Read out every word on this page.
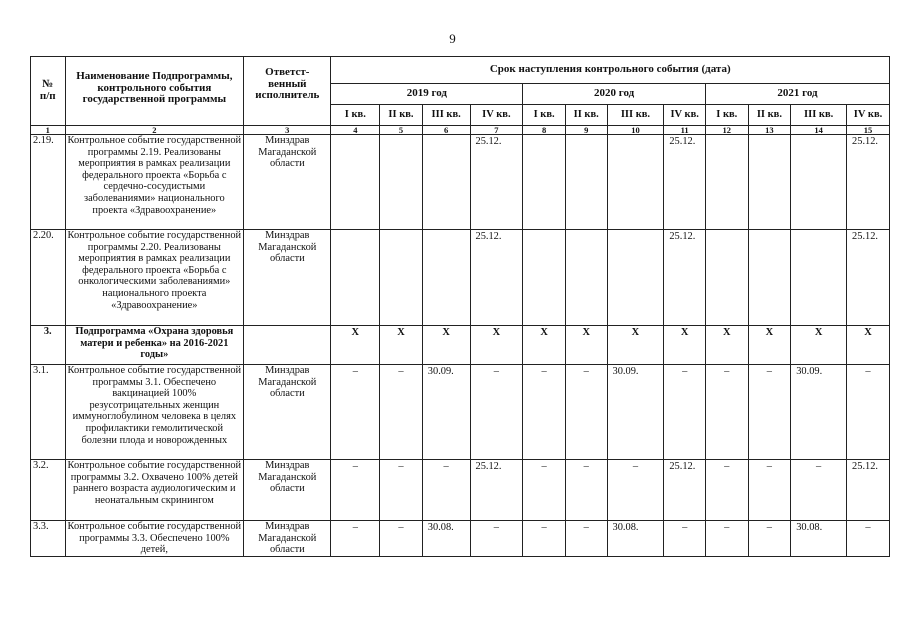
9
№
п/п	Наименование Подпрограммы, контрольного события государственной программы	Ответст-
венный
исполнитель	Срок наступления контрольного события (дата)											
			2019 год				2020 год				2021 год			
			I кв.	II кв.	III кв.	IV кв.	I кв.	II кв.	III кв.	IV кв.	I кв.	II кв.	III кв.	IV кв.
1	2	3	4	5	6	7	8	9	10	11	12	13	14	15
2.19.	Контрольное событие государственной программы 2.19. Реализованы мероприятия в рамках реализации федерального проекта «Борьба с сердечно-сосудистыми заболеваниями» национального проекта «Здравоохранение»	Минздрав Магаданской области				25.12.				25.12.				25.12.
2.20.	Контрольное событие государственной программы 2.20. Реализованы мероприятия в рамках реализации федерального проекта «Борьба с онкологическими заболеваниями» национального проекта «Здравоохранение»	Минздрав Магаданской области				25.12.				25.12.				25.12.
3.	Подпрограмма «Охрана здоровья матери и ребенка» на 2016-2021 годы»		Х	Х	Х	Х	Х	Х	Х	Х	Х	Х	Х	Х
3.1.	Контрольное событие государственной программы 3.1. Обеспечено вакцинацией 100% резусотрицательных женщин иммуноглобулином человека в целях профилактики гемолитической болезни плода и новорожденных	Минздрав Магаданской области	–	–	30.09.	–	–	–	30.09.	–	–	–	30.09.	–
3.2.	Контрольное событие государственной программы 3.2. Охвачено 100% детей раннего возраста аудиологическим и неонатальным скринингом	Минздрав Магаданской области	–	–	–	25.12.	–	–	–	25.12.	–	–	–	25.12.
3.3.	Контрольное событие государственной программы 3.3. Обеспечено 100% детей,	Минздрав Магаданской области	–	–	30.08.	–	–	–	30.08.	–	–	–	30.08.	–
